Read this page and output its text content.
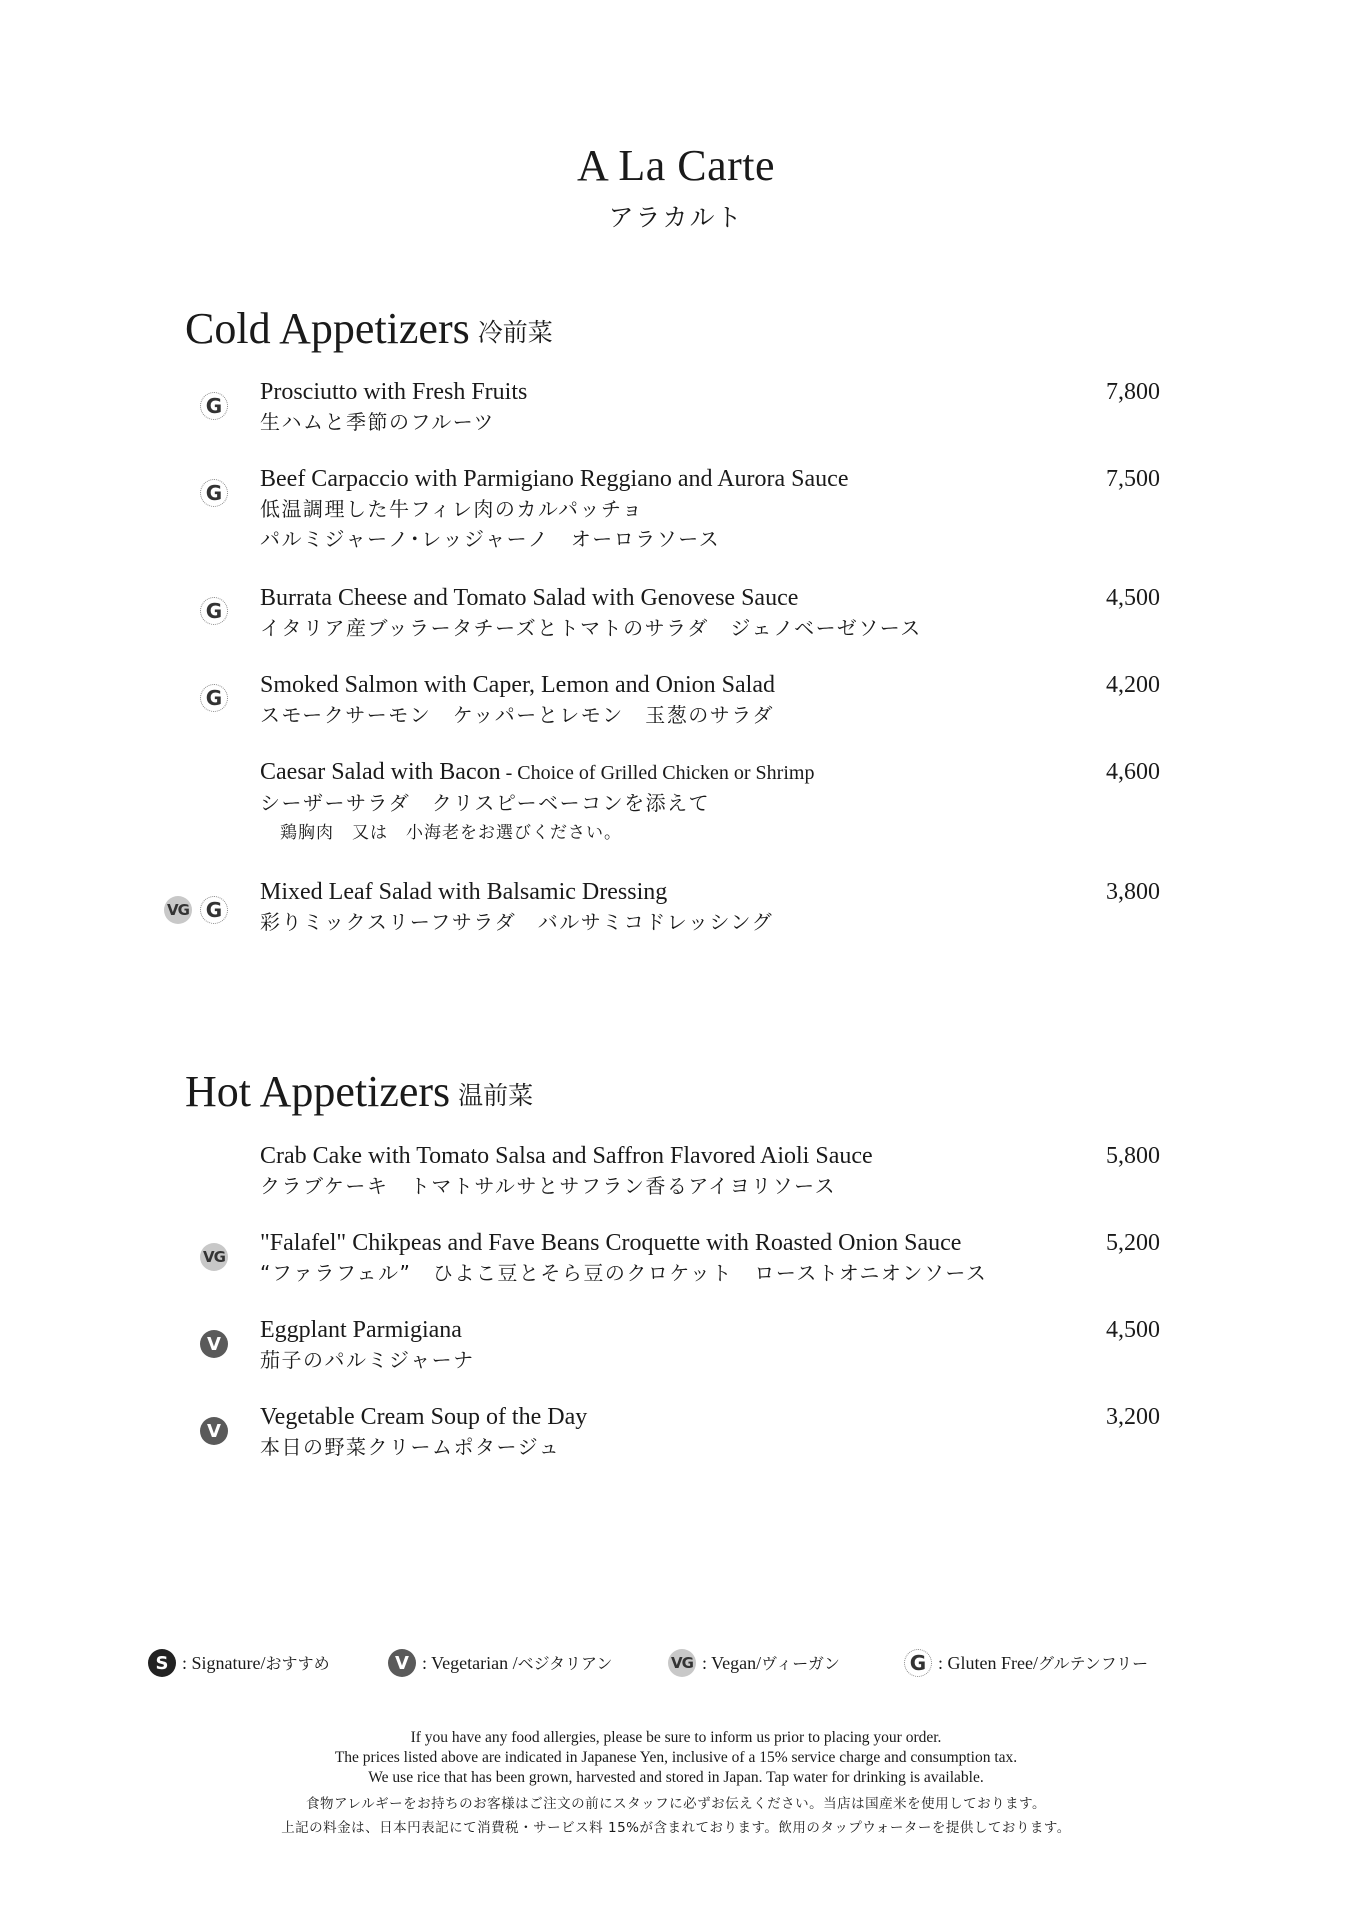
A La Carte
アラカルト
Cold Appetizers 冷前菜
G
Prosciutto with Fresh Fruits
生ハムと季節のフルーツ
7,800
G
Beef Carpaccio with Parmigiano Reggiano and Aurora Sauce
低温調理した牛フィレ肉のカルパッチョ
パルミジャーノ･レッジャーノ　オーロラソース
7,500
G Burrata Cheese and Tomato Salad with Genovese Sauce
イタリア産ブッラータチーズとトマトのサラダ　ジェノベーゼソース
4,500
G Smoked Salmon with Caper, Lemon and Onion Salad
スモークサーモン　ケッパーとレモン　玉葱のサラダ
4,200
Caesar Salad with Bacon - Choice of Grilled Chicken or Shrimp
シーザーサラダ　クリスピーベーコンを添えて
鶏胸肉　又は　小海老をお選びください。
4,600
VG G
Mixed Leaf Salad with Balsamic Dressing
彩りミックスリーフサラダ　バルサミコドレッシング
3,800
Hot Appetizers 温前菜
Crab Cake with Tomato Salsa and Saffron Flavored Aioli Sauce
クラブケーキ　トマトサルサとサフラン香るアイヨリソース
5,800
VG
"Falafel" Chikpeas and Fave Beans Croquette with Roasted Onion Sauce
“ファラフェル”　ひよこ豆とそら豆のクロケット　ローストオニオンソース
5,200
V
Eggplant Parmigiana
茄子のパルミジャーナ
4,500
V
Vegetable Cream Soup of the Day
本日の野菜クリームポタージュ
3,200
S : Signature/おすすめ	V : Vegetarian /ベジタリアン	VG : Vegan/ヴィーガン	G : Gluten Free/グルテンフリー
If you have any food allergies, please be sure to inform us prior to placing your order.
The prices listed above are indicated in Japanese Yen, inclusive of a 15% service charge and consumption tax.
We use rice that has been grown, harvested and stored in Japan. Tap water for drinking is available.
食物アレルギーをお持ちのお客様はご注文の前にスタッフに必ずお伝えください。当店は国産米を使用しております。
上記の料金は、日本円表記にて消費税・サービス料 15%が含まれております。飲用のタップウォーターを提供しております。
